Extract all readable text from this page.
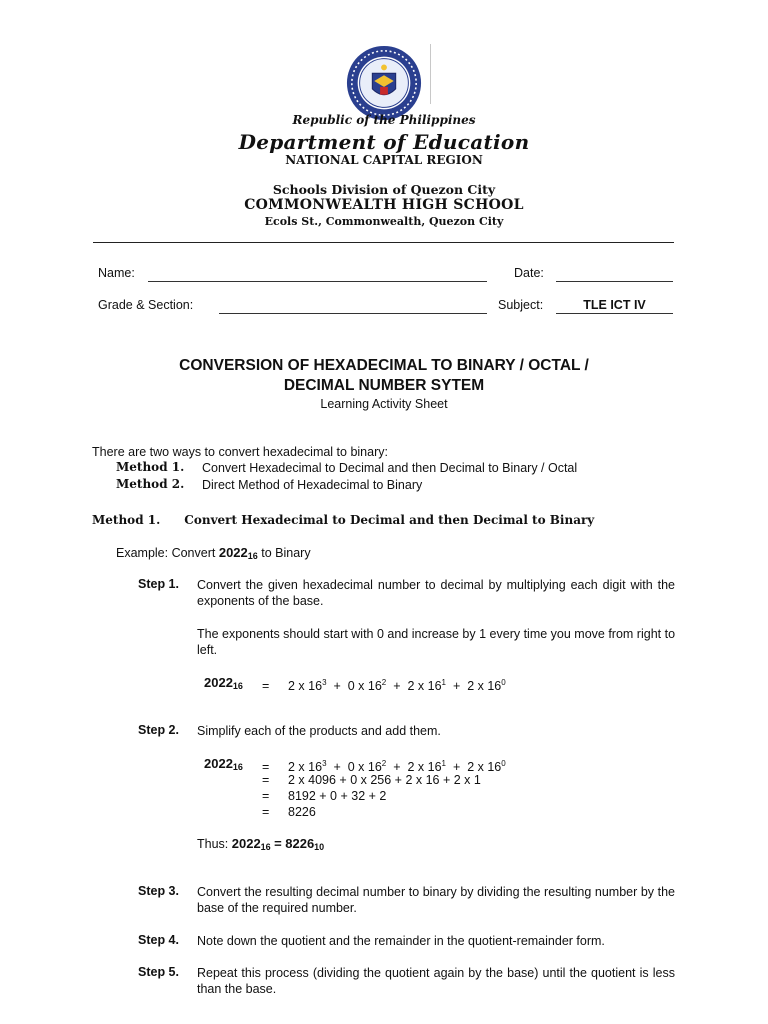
Republic of the Philippines
Department of Education
NATIONAL CAPITAL REGION
Schools Division of Quezon City
COMMONWEALTH HIGH SCHOOL
Ecols St., Commonwealth, Quezon City
Name:	Date:
Grade & Section:	Subject:	TLE ICT IV
CONVERSION OF HEXADECIMAL TO BINARY / OCTAL /
DECIMAL NUMBER SYTEM
Learning Activity Sheet
There are two ways to convert hexadecimal to binary:
Method 1. Convert Hexadecimal to Decimal and then Decimal to Binary / Octal
Method 2. Direct Method of Hexadecimal to Binary
Method 1. Convert Hexadecimal to Decimal and then Decimal to Binary
Example: Convert $2022_{16}$ to Binary
Step 1. Convert the given hexadecimal number to decimal by multiplying each digit with the exponents of the base.
The exponents should start with 0 and increase by 1 every time you move from right to left.
$2022_{16} = 2$ x $16^3 + 0$ x $16^2 + 2$ x $16^1 + 2$ x $16^0$
Step 2. Simplify each of the products and add them.
$2022_{16} = 2$ x $16^3 + 0$ x $16^2 + 2$ x $16^1 + 2$ x $16^0$
= 2 x 4096 + 0 x 256 + 2 x 16 + 2 x 1
= 8192 + 0 + 32 + 2
= 8226
Thus: $2022_{16} = 8226_{10}$
Step 3. Convert the resulting decimal number to binary by dividing the resulting number by the base of the required number.
Step 4. Note down the quotient and the remainder in the quotient-remainder form.
Step 5. Repeat this process (dividing the quotient again by the base) until the quotient is less than the base.
